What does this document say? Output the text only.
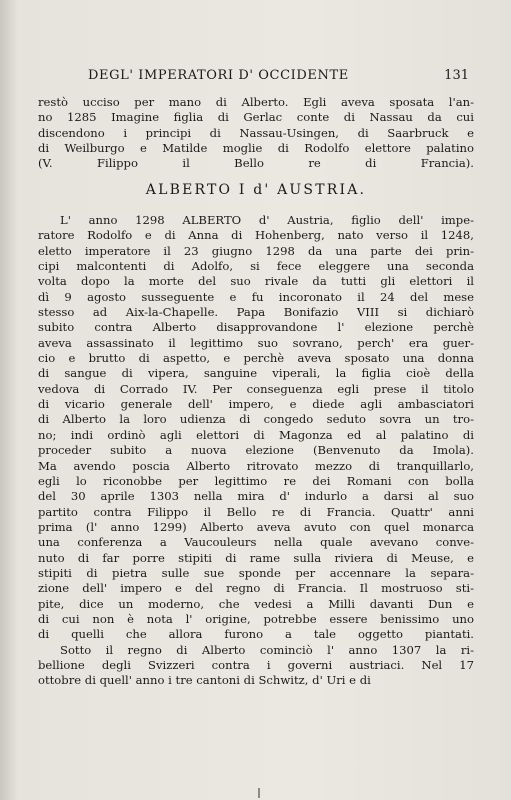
DEGL' IMPERATORI D' OCCIDENTE	131
restò ucciso per mano di Alberto. Egli aveva sposata l'an-
no 1285 Imagine figlia di Gerlac conte di Nassau da cui
discendono i principi di Nassau-Usingen, di Saarbruck e
di Weilburgo e Matilde moglie di Rodolfo elettore palatino
(V. Filippo il Bello re di Francia).
ALBERTO I d' AUSTRIA.
L' anno 1298 ALBERTO d' Austria, figlio dell' impe-
ratore Rodolfo e di Anna di Hohenberg, nato verso il 1248,
eletto imperatore il 23 giugno 1298 da una parte dei prin-
cipi malcontenti di Adolfo, si fece eleggere una seconda
volta dopo la morte del suo rivale da tutti gli elettori il
dì 9 agosto susseguente e fu incoronato il 24 del mese
stesso ad Aix-la-Chapelle. Papa Bonifazio VIII si dichiarò
subito contra Alberto disapprovandone l' elezione perchè
aveva assassinato il legittimo suo sovrano, perch' era guer-
cio e brutto di aspetto, e perchè aveva sposato una donna
di sangue di vipera, sanguine viperali, la figlia cioè della
vedova di Corrado IV. Per conseguenza egli prese il titolo
di vicario generale dell' impero, e diede agli ambasciatori
di Alberto la loro udienza di congedo seduto sovra un tro-
no; indi ordinò agli elettori di Magonza ed al palatino di
proceder subito a nuova elezione (Benvenuto da Imola).
Ma avendo poscia Alberto ritrovato mezzo di tranquillarlo,
egli lo riconobbe per legittimo re dei Romani con bolla
del 30 aprile 1303 nella mira d' indurlo a darsi al suo
partito contra Filippo il Bello re di Francia. Quattr' anni
prima (l' anno 1299) Alberto aveva avuto con quel monarca
una conferenza a Vaucouleurs nella quale avevano conve-
nuto di far porre stipiti di rame sulla riviera di Meuse, e
stipiti di pietra sulle sue sponde per accennare la separa-
zione dell' impero e del regno di Francia. Il mostruoso sti-
pite, dice un moderno, che vedesi a Milli davanti Dun e
di cui non è nota l' origine, potrebbe essere benissimo uno
di quelli che allora furono a tale oggetto piantati.
Sotto il regno di Alberto cominciò l' anno 1307 la ri-
bellione degli Svizzeri contra i governi austriaci. Nel 17
ottobre di quell' anno i tre cantoni di Schwitz, d' Uri e di
